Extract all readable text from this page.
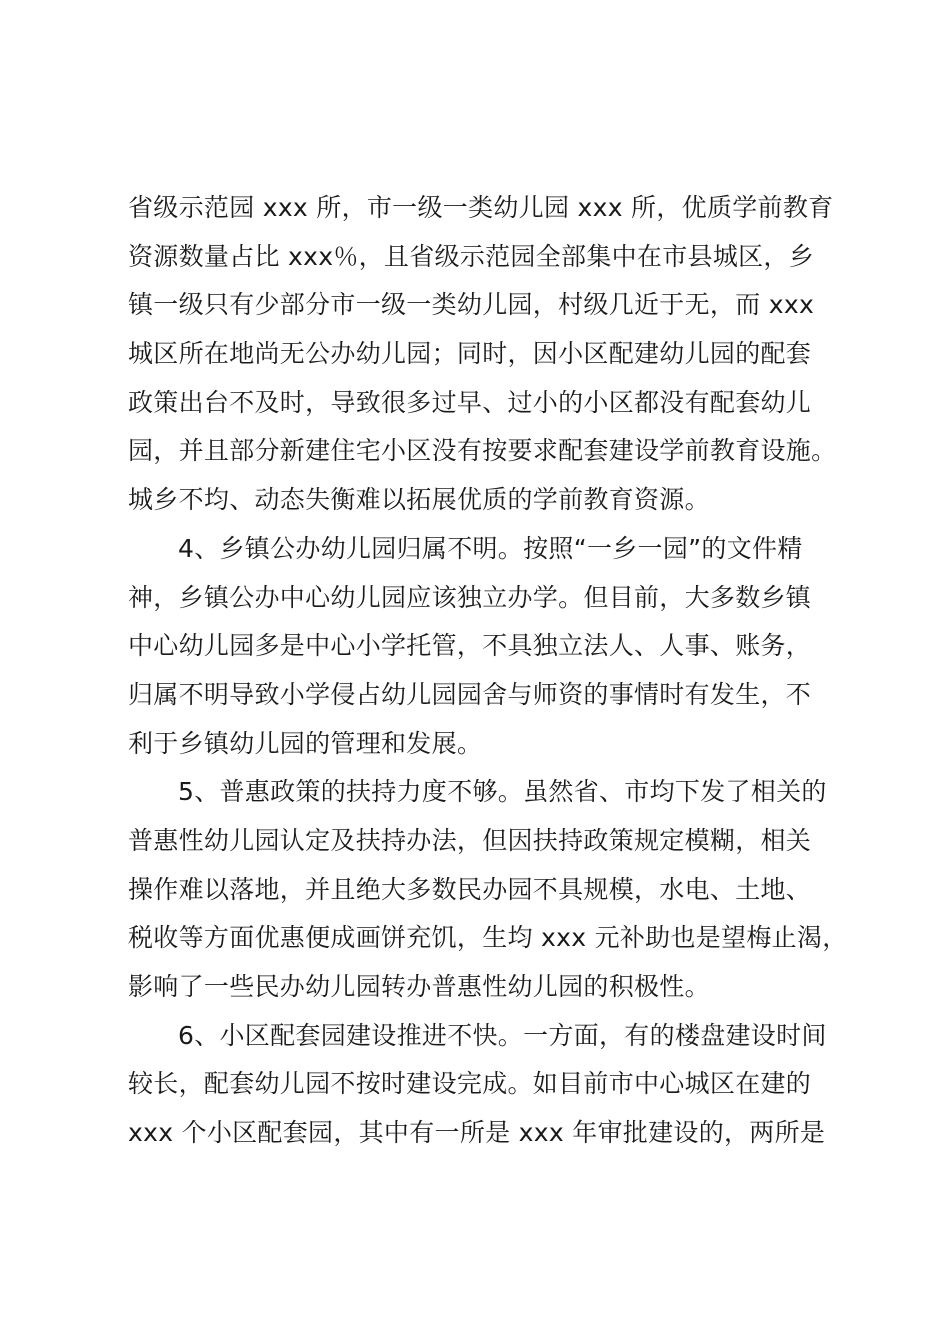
省级示范园 xxx 所，市一级一类幼儿园 xxx 所，优质学前教育
资源数量占比 xxx％，且省级示范园全部集中在市县城区，乡
镇一级只有少部分市一级一类幼儿园，村级几近于无，而 xxx
城区所在地尚无公办幼儿园；同时，因小区配建幼儿园的配套
政策出台不及时，导致很多过早、过小的小区都没有配套幼儿
园，并且部分新建住宅小区没有按要求配套建设学前教育设施。
城乡不均、动态失衡难以拓展优质的学前教育资源。
4、乡镇公办幼儿园归属不明。按照“一乡一园”的文件精
神，乡镇公办中心幼儿园应该独立办学。但目前，大多数乡镇
中心幼儿园多是中心小学托管，不具独立法人、人事、账务，
归属不明导致小学侵占幼儿园园舍与师资的事情时有发生，不
利于乡镇幼儿园的管理和发展。
5、普惠政策的扶持力度不够。虽然省、市均下发了相关的
普惠性幼儿园认定及扶持办法，但因扶持政策规定模糊，相关
操作难以落地，并且绝大多数民办园不具规模，水电、土地、
税收等方面优惠便成画饼充饥，生均 xxx 元补助也是望梅止渴，
影响了一些民办幼儿园转办普惠性幼儿园的积极性。
6、小区配套园建设推进不快。一方面，有的楼盘建设时间
较长，配套幼儿园不按时建设完成。如目前市中心城区在建的
xxx 个小区配套园，其中有一所是 xxx 年审批建设的，两所是
